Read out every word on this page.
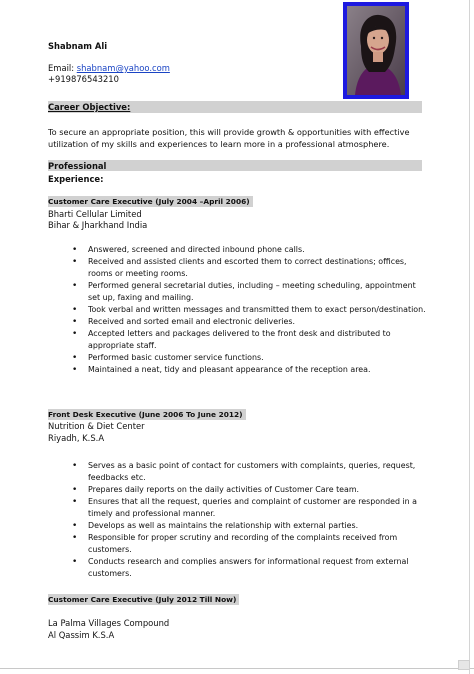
Shabnam Ali
Email: shabnam@yahoo.com
+919876543210
Career Objective:
To secure an appropriate position, this will provide growth & opportunities with effective utilization of my skills and experiences to learn more in a professional atmosphere.
Professional
Experience:
Customer Care Executive (July 2004 –April 2006)
Bharti Cellular Limited
Bihar & Jharkhand India
• Answered, screened and directed inbound phone calls.
• Received and assisted clients and escorted them to correct destinations; offices, rooms or meeting rooms.
• Performed general secretarial duties, including – meeting scheduling, appointment set up, faxing and mailing.
• Took verbal and written messages and transmitted them to exact person/destination.
• Received and sorted email and electronic deliveries.
• Accepted letters and packages delivered to the front desk and distributed to appropriate staff.
• Performed basic customer service functions.
• Maintained a neat, tidy and pleasant appearance of the reception area.
Front Desk Executive (June 2006 To June 2012)
Nutrition & Diet Center
Riyadh, K.S.A
• Serves as a basic point of contact for customers with complaints, queries, request, feedbacks etc.
• Prepares daily reports on the daily activities of Customer Care team.
• Ensures that all the request, queries and complaint of customer are responded in a timely and professional manner.
• Develops as well as maintains the relationship with external parties.
• Responsible for proper scrutiny and recording of the complaints received from customers.
• Conducts research and complies answers for informational request from external customers.
Customer Care Executive (July 2012 Till Now)
La Palma Villages Compound
Al Qassim K.S.A
